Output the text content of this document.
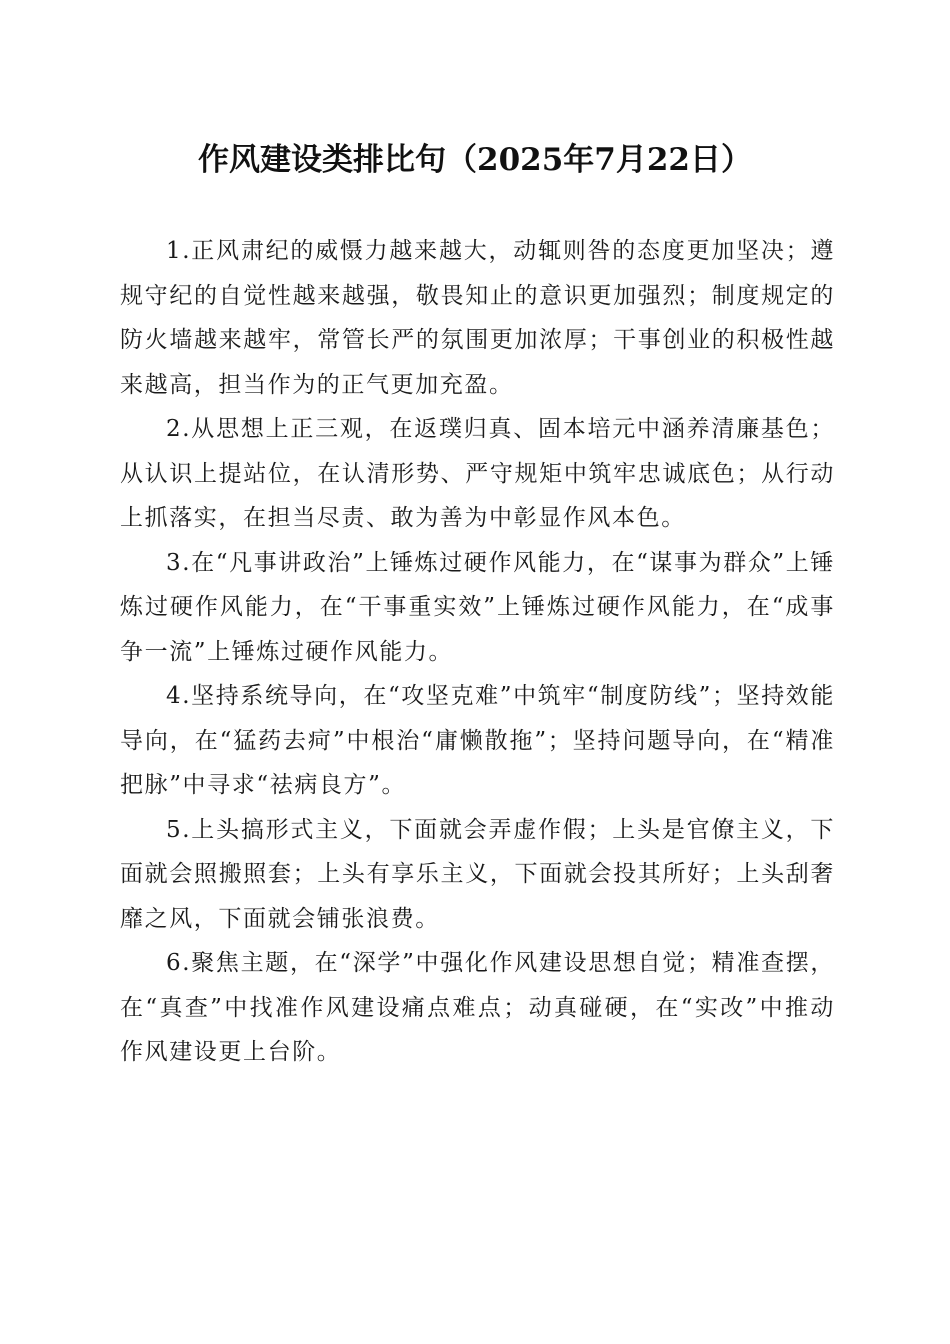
作风建设类排比句（2025年7月22日）

1.正风肃纪的威慑力越来越大，动辄则咎的态度更加坚决；遵规守纪的自觉性越来越强，敬畏知止的意识更加强烈；制度规定的防火墙越来越牢，常管长严的氛围更加浓厚；干事创业的积极性越来越高，担当作为的正气更加充盈。

2.从思想上正三观，在返璞归真、固本培元中涵养清廉基色；从认识上提站位，在认清形势、严守规矩中筑牢忠诚底色；从行动上抓落实，在担当尽责、敢为善为中彰显作风本色。

3.在“凡事讲政治”上锤炼过硬作风能力，在“谋事为群众”上锤炼过硬作风能力，在“干事重实效”上锤炼过硬作风能力，在“成事争一流”上锤炼过硬作风能力。

4.坚持系统导向，在“攻坚克难”中筑牢“制度防线”；坚持效能导向，在“猛药去疴”中根治“庸懒散拖”；坚持问题导向，在“精准把脉”中寻求“祛病良方”。

5.上头搞形式主义，下面就会弄虚作假；上头是官僚主义，下面就会照搬照套；上头有享乐主义，下面就会投其所好；上头刮奢靡之风，下面就会铺张浪费。

6.聚焦主题，在“深学”中强化作风建设思想自觉；精准查摆，在“真查”中找准作风建设痛点难点；动真碰硬，在“实改”中推动作风建设更上台阶。
